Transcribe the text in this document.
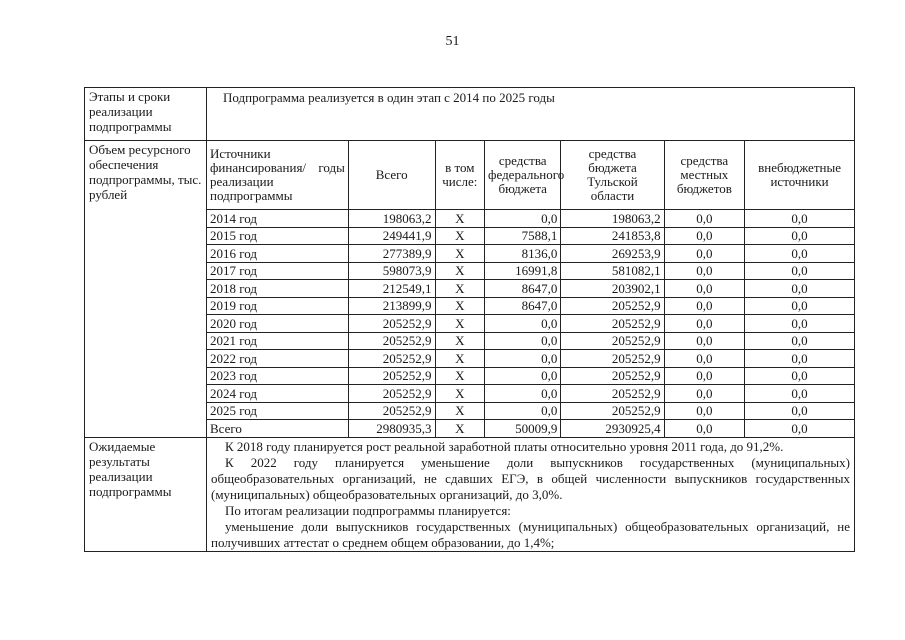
51
Этапы и сроки реализации подпрограммы	Подпрограмма реализуется в один этап с 2014 по 2025 годы
Объем ресурсного обеспечения подпрограммы, тыс. рублей	
Источники финансирования/ годы реализации подпрограммы	Всего	в том числе:	средства федерального бюджета	средства бюджета Тульской области	средства местных бюджетов	внебюджетные источники
2014 год	198063,2	Х	0,0	198063,2	0,0	0,0
2015 год	249441,9	Х	7588,1	241853,8	0,0	0,0
2016 год	277389,9	Х	8136,0	269253,9	0,0	0,0
2017 год	598073,9	Х	16991,8	581082,1	0,0	0,0
2018 год	212549,1	Х	8647,0	203902,1	0,0	0,0
2019 год	213899,9	Х	8647,0	205252,9	0,0	0,0
2020 год	205252,9	Х	0,0	205252,9	0,0	0,0
2021 год	205252,9	Х	0,0	205252,9	0,0	0,0
2022 год	205252,9	Х	0,0	205252,9	0,0	0,0
2023 год	205252,9	Х	0,0	205252,9	0,0	0,0
2024 год	205252,9	Х	0,0	205252,9	0,0	0,0
2025 год	205252,9	Х	0,0	205252,9	0,0	0,0
Всего	2980935,3	Х	50009,9	2930925,4	0,0	0,0

Ожидаемые результаты реализации подпрограммы	

К 2018 году планируется рост реальной заработной платы относительно уровня 2011 года, до 91,2%.

К 2022 году планируется уменьшение доли выпускников государственных (муниципальных) общеобразовательных организаций, не сдавших ЕГЭ, в общей численности выпускников государственных (муниципальных) общеобразовательных организаций, до 3,0%.

По итогам реализации подпрограммы планируется:

уменьшение доли выпускников государственных (муниципальных) общеобразовательных организаций, не получивших аттестат о среднем общем образовании, до 1,4%;
